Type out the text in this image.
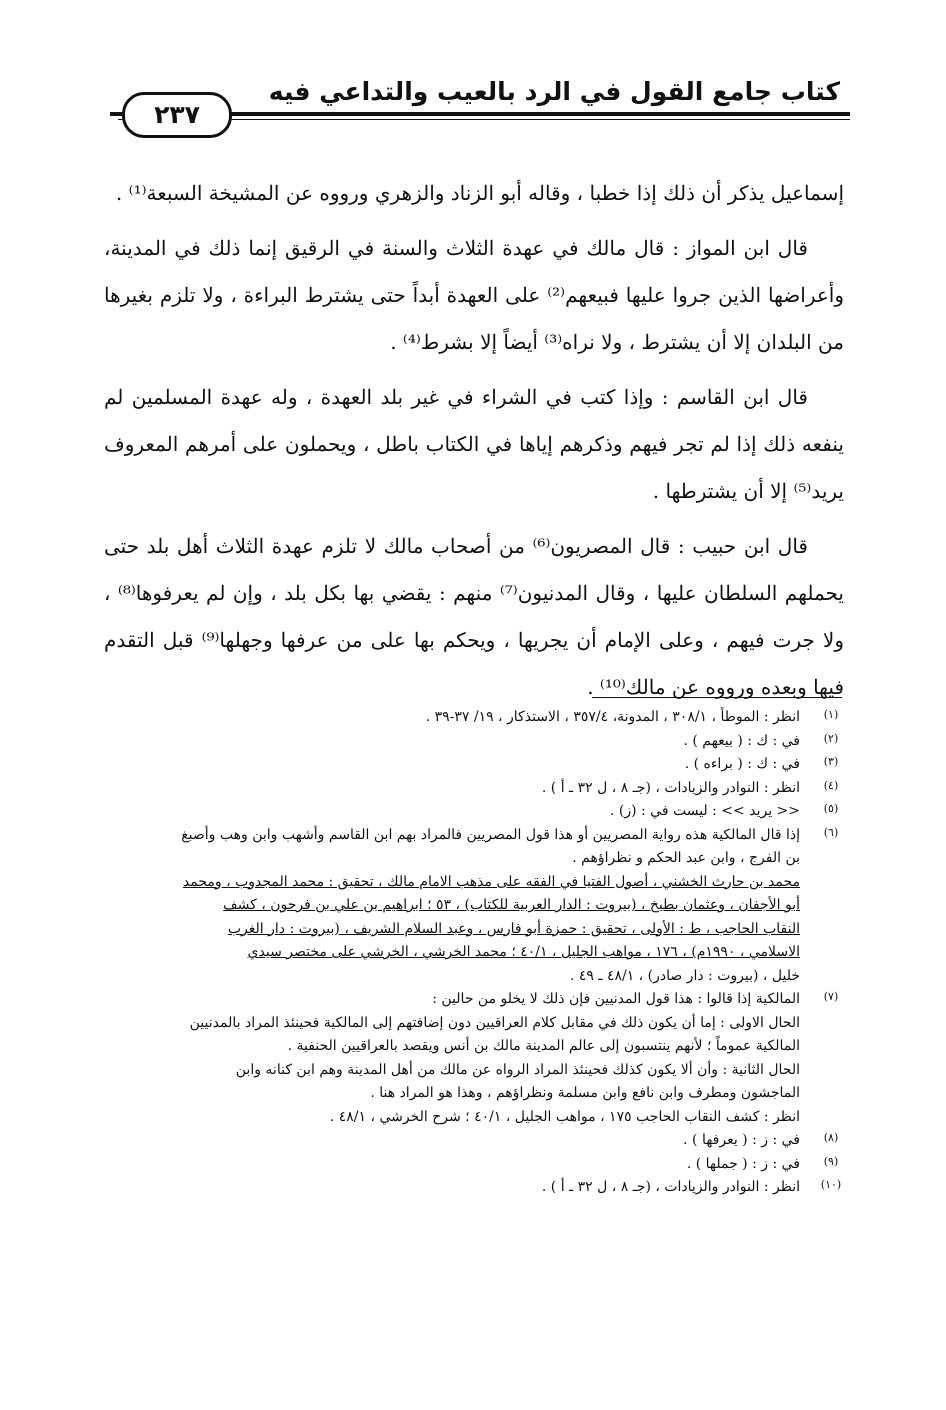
كتاب جامع القول في الرد بالعيب والتداعي فيه
٢٣٧

إسماعيل يذكر أن ذلك إذا خطبا ، وقاله أبو الزناد والزهري ورووه عن المشيخة السبعة⁽¹⁾ .

قال ابن المواز : قال مالك في عهدة الثلاث والسنة في الرقيق إنما ذلك في المدينة، وأعراضها الذين جروا عليها فبيعهم⁽²⁾ على العهدة أبداً حتى يشترط البراءة ، ولا تلزم بغيرها من البلدان إلا أن يشترط ، ولا نراه⁽³⁾ أيضاً إلا بشرط⁽⁴⁾ .

قال ابن القاسم : وإذا كتب في الشراء في غير بلد العهدة ، وله عهدة المسلمين لم ينفعه ذلك إذا لم تجر فيهم وذكرهم إياها في الكتاب باطل ، ويحملون على أمرهم المعروف يريد⁽⁵⁾ إلا أن يشترطها .

قال ابن حبيب : قال المصريون⁽⁶⁾ من أصحاب مالك لا تلزم عهدة الثلاث أهل بلد حتى يحملهم السلطان عليها ، وقال المدنيون⁽⁷⁾ منهم : يقضي بها بكل بلد ، وإن لم يعرفوها⁽⁸⁾ ، ولا جرت فيهم ، وعلى الإمام أن يجريها ، ويحكم بها على من عرفها وجهلها⁽⁹⁾ قبل التقدم فيها وبعده ورووه عن مالك⁽¹⁰⁾ .

(١)
انظر : الموطأ ، ٣٠٨/١ ، المدونة، ٣٥٧/٤ ، الاستذكار ، ١٩/ ٣٧-٣٩ .
(٢)
في : ك : ( بيعهم ) .
(٣)
في : ك : ( براءه ) .
(٤)
انظر : النوادر والزيادات ، (جـ ٨ ، ل ٣٢ ـ أ ) .
(٥)
<< يريد >> : ليست في : (ز) .
(٦)
إذا قال المالكية هذه رواية المصريين أو هذا قول المصريين فالمراد بهم ابن القاسم وأشهب وابن وهب وأصبغ
بن الفرج ، وابن عبد الحكم و نظراؤهم .
محمد بن حارث الخشني ، أصول الفتيا في الفقه على مذهب الامام مالك ، تحقيق : محمد المجدوب ، ومحمد
أبو الأجفان ، وعثمان بطيخ ، (بيروت : الدار العربية للكتاب) ، ٥٣ ؛ ابراهيم بن علي بن فرحون ، كشف
النقاب الحاجب ، ط : الأولى ، تحقيق : حمزة أبو فارس ، وعبد السلام الشريف ، (بيروت : دار الغرب
الاسلامي ، ١٩٩٠م) ، ١٧٦ ، مواهب الجليل ، ٤٠/١ ؛ محمد الخرشي ، الخرشي على مختصر سيدي
خليل ، (بيروت : دار صادر) ، ٤٨/١ ـ ٤٩ .
(٧)
المالكية إذا قالوا : هذا قول المدنيين فإن ذلك لا يخلو من حالين :
الحال الاولى : إما أن يكون ذلك في مقابل كلام العراقيين دون إضافتهم إلى المالكية فحينئذ المراد بالمدنيين
المالكية عموماً ؛ لأنهم ينتسبون إلى عالم المدينة مالك بن أنس ويقصد بالعراقيين الحنفية .
الحال الثانية : وأن ألا يكون كذلك فحينئذ المراد الرواه عن مالك من أهل المدينة وهم ابن كنانه وابن
الماجشون ومطرف وابن نافع وابن مسلمة ونظراؤهم ، وهذا هو المراد هنا .
انظر : كشف النقاب الحاجب ١٧٥ ، مواهب الجليل ، ٤٠/١ ؛ شرح الخرشي ، ٤٨/١ .
(٨)
في : ز : ( يعرفها ) .
(٩)
في : ز : ( جملها ) .
(١٠)
انظر : النوادر والزيادات ، (جـ ٨ ، ل ٣٢ ـ أ ) .
